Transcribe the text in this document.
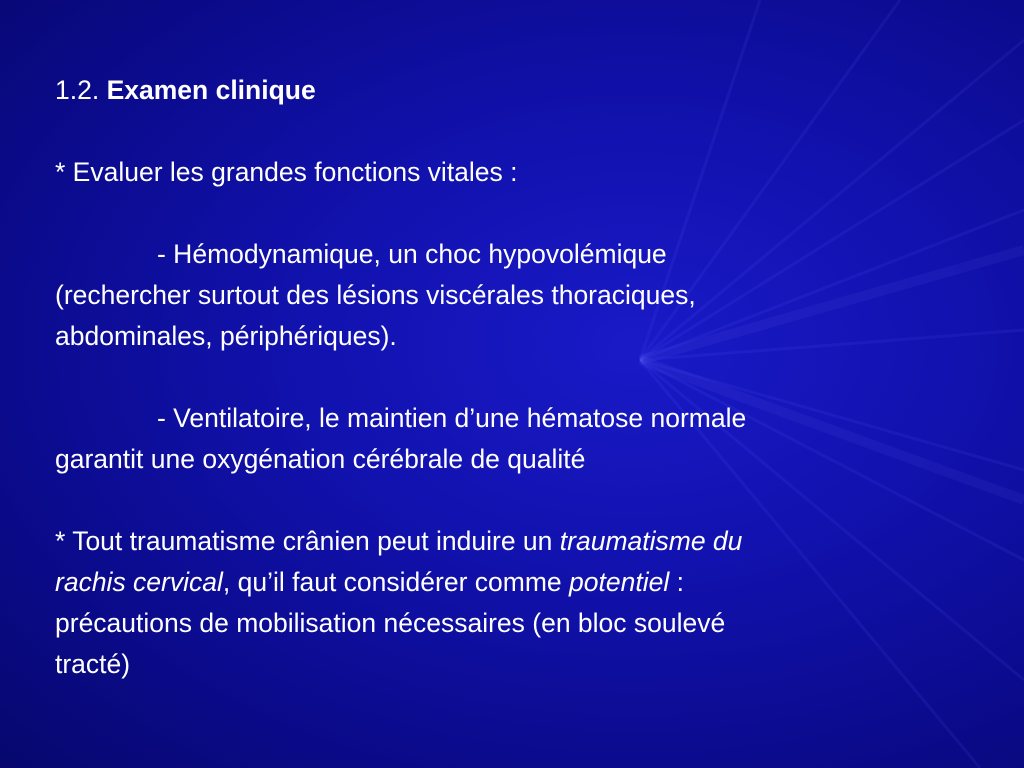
1.2. Examen clinique

* Evaluer les grandes fonctions vitales :

- Hémodynamique, un choc hypovolémique

(rechercher surtout des lésions viscérales thoraciques,

abdominales, périphériques).

- Ventilatoire, le maintien d’une hématose normale

garantit une oxygénation cérébrale de qualité

* Tout traumatisme crânien peut induire un traumatisme du

rachis cervical, qu’il faut considérer comme potentiel :

précautions de mobilisation nécessaires (en bloc soulevé

tracté)
